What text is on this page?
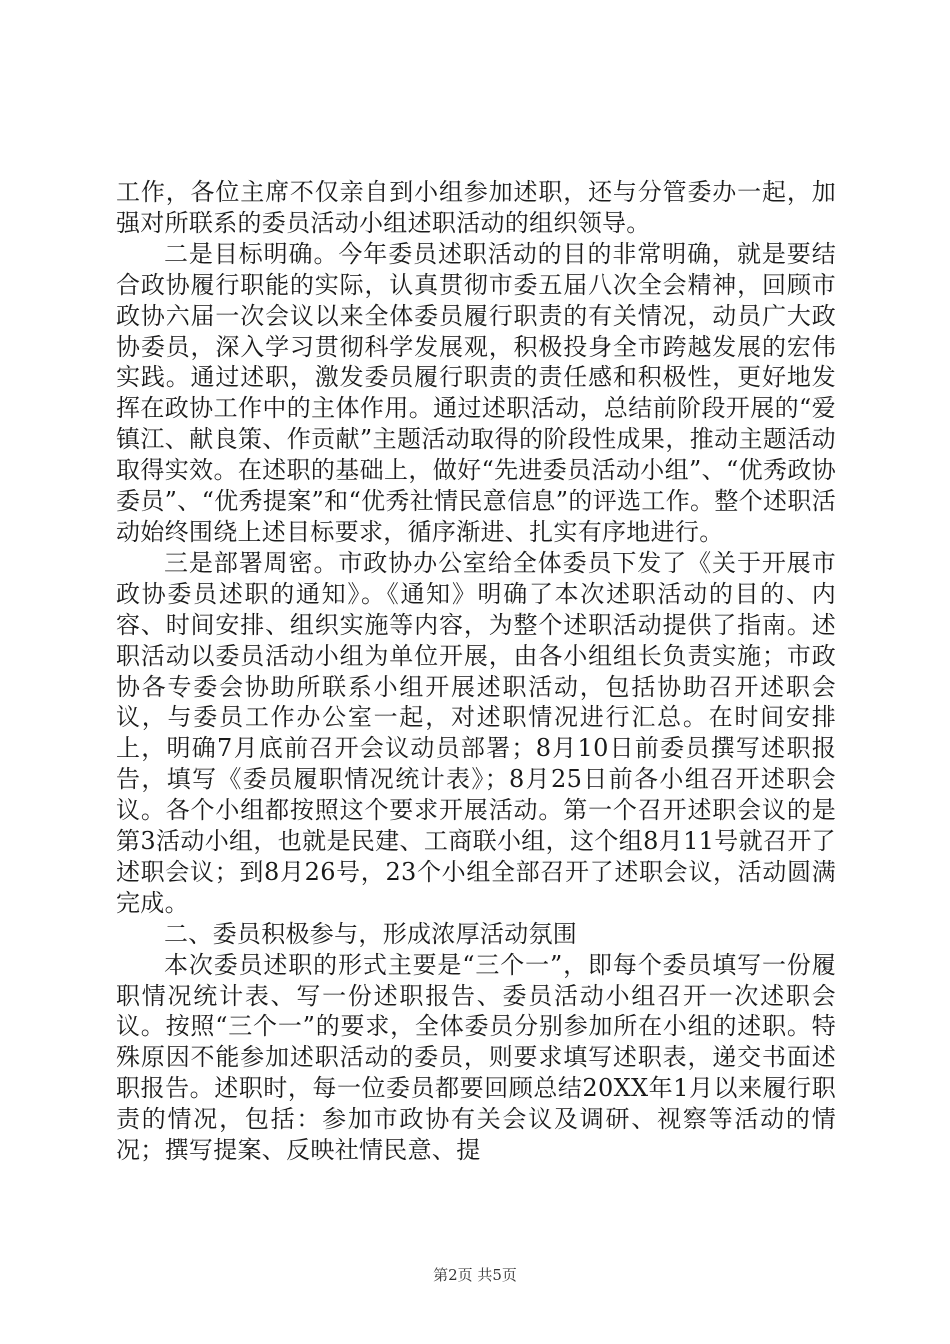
工作，各位主席不仅亲自到小组参加述职，还与分管委办一起，加强对所联系的委员活动小组述职活动的组织领导。

二是目标明确。今年委员述职活动的目的非常明确，就是要结合政协履行职能的实际，认真贯彻市委五届八次全会精神，回顾市政协六届一次会议以来全体委员履行职责的有关情况，动员广大政协委员，深入学习贯彻科学发展观，积极投身全市跨越发展的宏伟实践。通过述职，激发委员履行职责的责任感和积极性，更好地发挥在政协工作中的主体作用。通过述职活动，总结前阶段开展的“爱镇江、献良策、作贡献”主题活动取得的阶段性成果，推动主题活动取得实效。在述职的基础上，做好“先进委员活动小组”、“优秀政协委员”、“优秀提案”和“优秀社情民意信息”的评选工作。整个述职活动始终围绕上述目标要求，循序渐进、扎实有序地进行。

三是部署周密。市政协办公室给全体委员下发了《关于开展市政协委员述职的通知》。《通知》明确了本次述职活动的目的、内容、时间安排、组织实施等内容，为整个述职活动提供了指南。述职活动以委员活动小组为单位开展，由各小组组长负责实施；市政协各专委会协助所联系小组开展述职活动，包括协助召开述职会议，与委员工作办公室一起，对述职情况进行汇总。在时间安排上，明确7月底前召开会议动员部署；8月10日前委员撰写述职报告，填写《委员履职情况统计表》；8月25日前各小组召开述职会议。各个小组都按照这个要求开展活动。第一个召开述职会议的是第3活动小组，也就是民建、工商联小组，这个组8月11号就召开了述职会议；到8月26号，23个小组全部召开了述职会议，活动圆满完成。

二、委员积极参与，形成浓厚活动氛围

本次委员述职的形式主要是“三个一”，即每个委员填写一份履职情况统计表、写一份述职报告、委员活动小组召开一次述职会议。按照“三个一”的要求，全体委员分别参加所在小组的述职。特殊原因不能参加述职活动的委员，则要求填写述职表，递交书面述职报告。述职时，每一位委员都要回顾总结20XX年1月以来履行职责的情况，包括：参加市政协有关会议及调研、视察等活动的情况；撰写提案、反映社情民意、提

第2页 共5页
